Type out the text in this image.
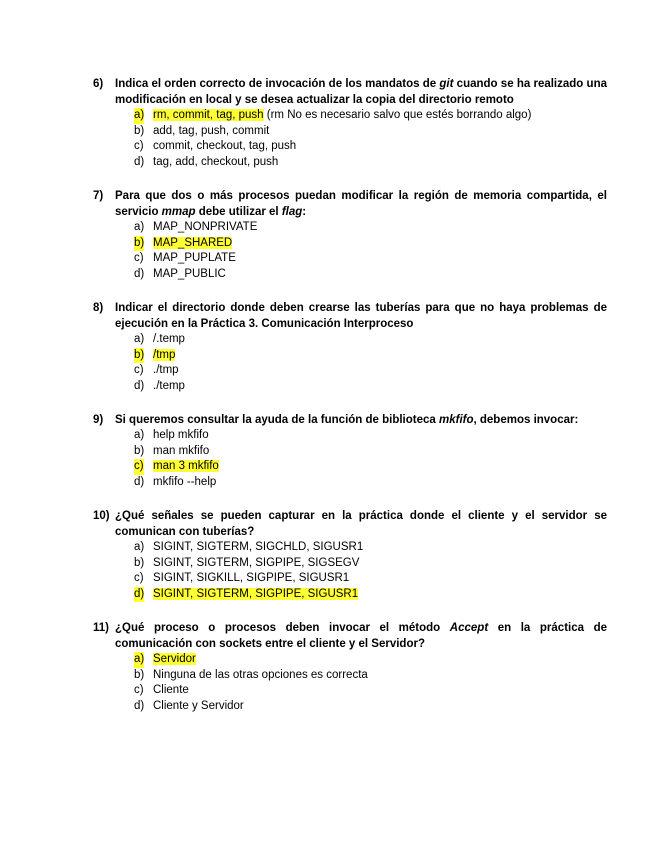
6) Indica el orden correcto de invocación de los mandatos de git cuando se ha realizado una modificación en local y se desea actualizar la copia del directorio remoto
a) rm, commit, tag, push (rm No es necesario salvo que estés borrando algo)
b) add, tag, push, commit
c) commit, checkout, tag, push
d) tag, add, checkout, push
7) Para que dos o más procesos puedan modificar la región de memoria compartida, el servicio mmap debe utilizar el flag:
a) MAP_NONPRIVATE
b) MAP_SHARED
c) MAP_PUPLATE
d) MAP_PUBLIC
8) Indicar el directorio donde deben crearse las tuberías para que no haya problemas de ejecución en la Práctica 3. Comunicación Interproceso
a) /.temp
b) /tmp
c) ./tmp
d) ./temp
9) Si queremos consultar la ayuda de la función de biblioteca mkfifo, debemos invocar:
a) help mkfifo
b) man mkfifo
c) man 3 mkfifo
d) mkfifo --help
10) ¿Qué señales se pueden capturar en la práctica donde el cliente y el servidor se comunican con tuberías?
a) SIGINT, SIGTERM, SIGCHLD, SIGUSR1
b) SIGINT, SIGTERM, SIGPIPE, SIGSEGV
c) SIGINT, SIGKILL, SIGPIPE, SIGUSR1
d) SIGINT, SIGTERM, SIGPIPE, SIGUSR1
11) ¿Qué proceso o procesos deben invocar el método Accept en la práctica de comunicación con sockets entre el cliente y el Servidor?
a) Servidor
b) Ninguna de las otras opciones es correcta
c) Cliente
d) Cliente y Servidor
